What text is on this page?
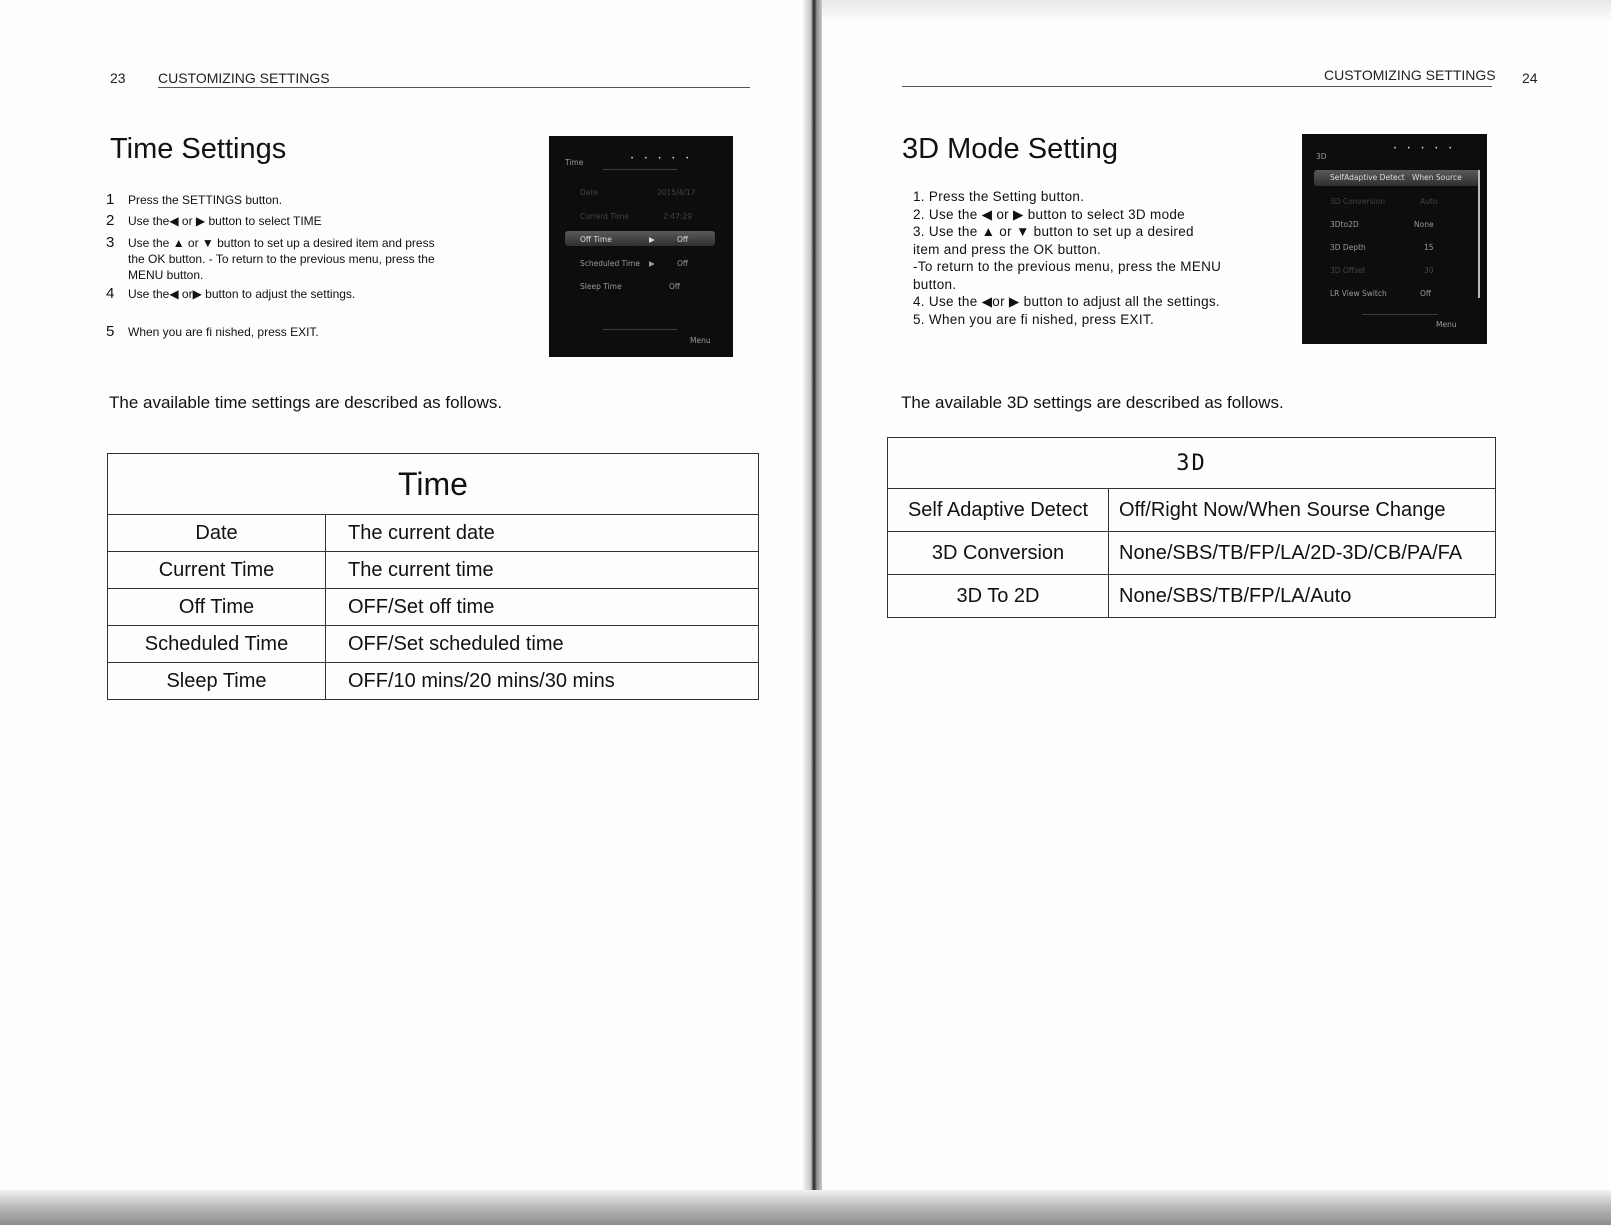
23 CUSTOMIZING SETTINGS
Time Settings
1	Press the SETTINGS button.
2	Use the◀ or ▶ button to select TIME
3	Use the ▲ or ▼ button to set up a desired item and press the OK button. - To return to the previous menu, press the MENU button.
4	Use the◀ or▶ button to adjust the settings.
5	When you are fi nished, press EXIT.
Time	• • • • •
Date	2015/4/17
Current Time	2:47:29
Off Time	▶	Off
Scheduled Time ▶	Off
Sleep Time	Off
Menu
The available time settings are described as follows.
Time	
Date	The current date
Current Time	The current time
Off Time	OFF/Set off time
Scheduled Time	OFF/Set scheduled time
Sleep Time	OFF/10 mins/20 mins/30 mins
CUSTOMIZING SETTINGS 24
3D Mode Setting
1. Press the Setting button.
2. Use the ◀ or ▶ button to select 3D mode
3. Use the ▲ or ▼ button to set up a desired
item and press the OK button.
-To return to the previous menu, press the MENU
button.
4. Use the ◀or ▶ button to adjust all the settings.
5. When you are fi nished, press EXIT.
3D
• • • • •
SelfAdaptive Detect When Source
3D Conversion	Auto
3Dto2D	None
3D Depth	15
3D Offset	30
LR View Switch	Off
Menu
The available 3D settings are described as follows.
3D	
Self Adaptive Detect	Off/Right Now/When Sourse Change
3D Conversion	None/SBS/TB/FP/LA/2D-3D/CB/PA/FA
3D To 2D	None/SBS/TB/FP/LA/Auto
